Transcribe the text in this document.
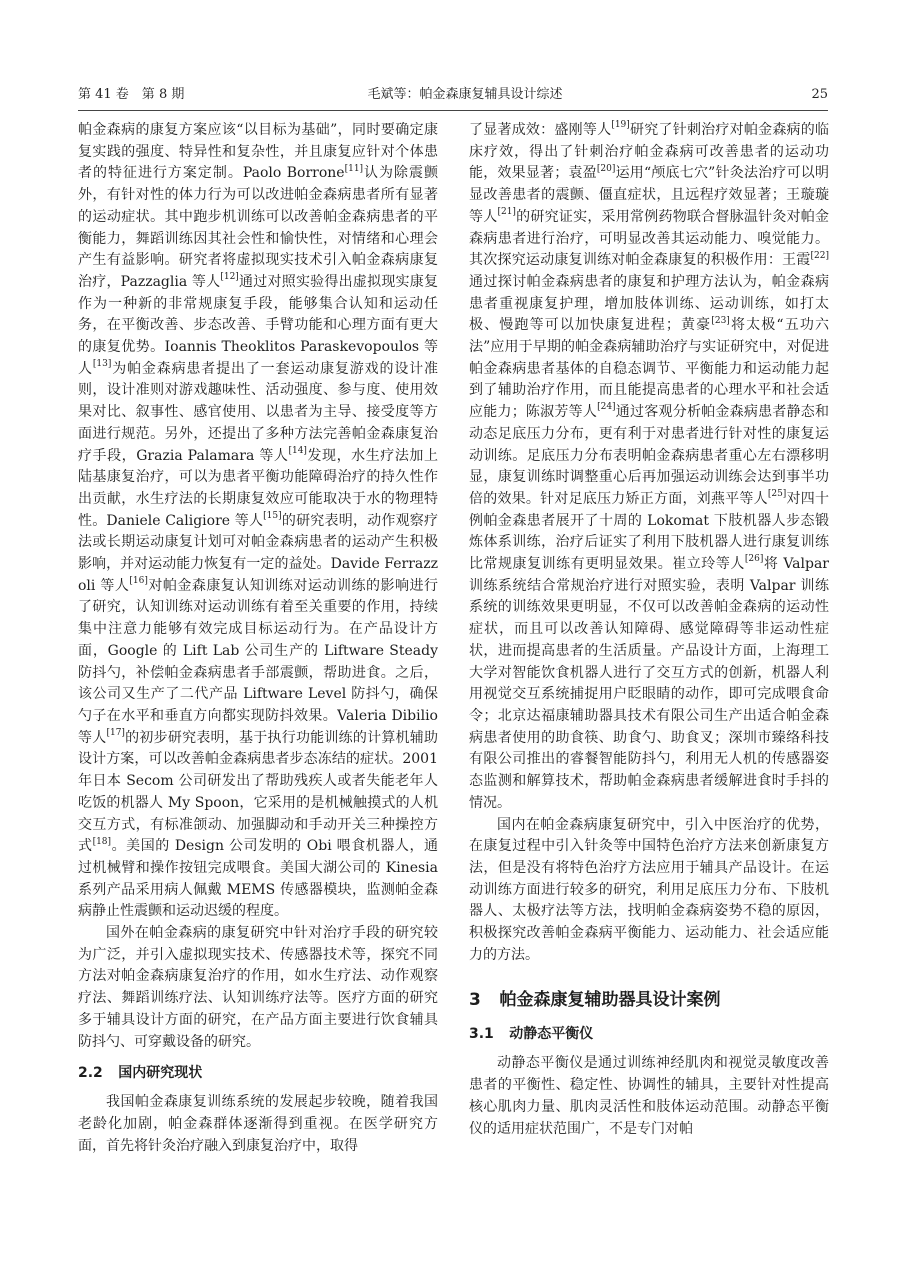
第 41 卷　第 8 期	毛斌等：帕金森康复辅具设计综述	25

帕金森病的康复方案应该“以目标为基础”，同时要确定康复实践的强度、特异性和复杂性，并且康复应针对个体患者的特征进行方案定制。Paolo Borrone[11]认为除震颤外，有针对性的体力行为可以改进帕金森病患者所有显著的运动症状。其中跑步机训练可以改善帕金森病患者的平衡能力，舞蹈训练因其社会性和愉快性，对情绪和心理会产生有益影响。研究者将虚拟现实技术引入帕金森病康复治疗，Pazzaglia 等人[12]通过对照实验得出虚拟现实康复作为一种新的非常规康复手段，能够集合认知和运动任务，在平衡改善、步态改善、手臂功能和心理方面有更大的康复优势。Ioannis Theoklitos Paraskevopoulos 等人[13]为帕金森病患者提出了一套运动康复游戏的设计准则，设计准则对游戏趣味性、活动强度、参与度、使用效果对比、叙事性、感官使用、以患者为主导、接受度等方面进行规范。另外，还提出了多种方法完善帕金森康复治疗手段，Grazia Palamara 等人[14]发现，水生疗法加上陆基康复治疗，可以为患者平衡功能障碍治疗的持久性作出贡献，水生疗法的长期康复效应可能取决于水的物理特性。Daniele Caligiore 等人[15]的研究表明，动作观察疗法或长期运动康复计划可对帕金森病患者的运动产生积极影响，并对运动能力恢复有一定的益处。Davide Ferrazzoli 等人[16]对帕金森康复认知训练对运动训练的影响进行了研究，认知训练对运动训练有着至关重要的作用，持续集中注意力能够有效完成目标运动行为。在产品设计方面，Google 的 Lift Lab 公司生产的 Liftware Steady 防抖勺，补偿帕金森病患者手部震颤，帮助进食。之后，该公司又生产了二代产品 Liftware Level 防抖勺，确保勺子在水平和垂直方向都实现防抖效果。Valeria Dibilio 等人[17]的初步研究表明，基于执行功能训练的计算机辅助设计方案，可以改善帕金森病患者步态冻结的症状。2001 年日本 Secom 公司研发出了帮助残疾人或者失能老年人吃饭的机器人 My Spoon，它采用的是机械触摸式的人机交互方式，有标准颌动、加强脚动和手动开关三种操控方式[18]。美国的 Design 公司发明的 Obi 喂食机器人，通过机械臂和操作按钮完成喂食。美国大湖公司的 Kinesia 系列产品采用病人佩戴 MEMS 传感器模块，监测帕金森病静止性震颤和运动迟缓的程度。

国外在帕金森病的康复研究中针对治疗手段的研究较为广泛，并引入虚拟现实技术、传感器技术等，探究不同方法对帕金森病康复治疗的作用，如水生疗法、动作观察疗法、舞蹈训练疗法、认知训练疗法等。医疗方面的研究多于辅具设计方面的研究，在产品方面主要进行饮食辅具防抖勺、可穿戴设备的研究。

2.2 国内研究现状

我国帕金森康复训练系统的发展起步较晚，随着我国老龄化加剧，帕金森群体逐渐得到重视。在医学研究方面，首先将针灸治疗融入到康复治疗中，取得

了显著成效：盛刚等人[19]研究了针刺治疗对帕金森病的临床疗效，得出了针刺治疗帕金森病可改善患者的运动功能，效果显著；袁盈[20]运用“颅底七穴”针灸法治疗可以明显改善患者的震颤、僵直症状，且远程疗效显著；王璇璇等人[21]的研究证实，采用常例药物联合督脉温针灸对帕金森病患者进行治疗，可明显改善其运动能力、嗅觉能力。其次探究运动康复训练对帕金森康复的积极作用：王霞[22]通过探讨帕金森病患者的康复和护理方法认为，帕金森病患者重视康复护理，增加肢体训练、运动训练，如打太极、慢跑等可以加快康复进程；黄豪[23]将太极“五功六法”应用于早期的帕金森病辅助治疗与实证研究中，对促进帕金森病患者基体的自稳态调节、平衡能力和运动能力起到了辅助治疗作用，而且能提高患者的心理水平和社会适应能力；陈淑芳等人[24]通过客观分析帕金森病患者静态和动态足底压力分布，更有利于对患者进行针对性的康复运动训练。足底压力分布表明帕金森病患者重心左右漂移明显，康复训练时调整重心后再加强运动训练会达到事半功倍的效果。针对足底压力矫正方面，刘燕平等人[25]对四十例帕金森患者展开了十周的 Lokomat 下肢机器人步态锻炼体系训练，治疗后证实了利用下肢机器人进行康复训练比常规康复训练有更明显效果。崔立玲等人[26]将 Valpar 训练系统结合常规治疗进行对照实验，表明 Valpar 训练系统的训练效果更明显，不仅可以改善帕金森病的运动性症状，而且可以改善认知障碍、感觉障碍等非运动性症状，进而提高患者的生活质量。产品设计方面，上海理工大学对智能饮食机器人进行了交互方式的创新，机器人利用视觉交互系统捕捉用户眨眼睛的动作，即可完成喂食命令；北京达福康辅助器具技术有限公司生产出适合帕金森病患者使用的助食筷、助食勺、助食叉；深圳市臻络科技有限公司推出的睿餐智能防抖勺，利用无人机的传感器姿态监测和解算技术，帮助帕金森病患者缓解进食时手抖的情况。

国内在帕金森病康复研究中，引入中医治疗的优势，在康复过程中引入针灸等中国特色治疗方法来创新康复方法，但是没有将特色治疗方法应用于辅具产品设计。在运动训练方面进行较多的研究，利用足底压力分布、下肢机器人、太极疗法等方法，找明帕金森病姿势不稳的原因，积极探究改善帕金森病平衡能力、运动能力、社会适应能力的方法。

3 帕金森康复辅助器具设计案例
3.1 动静态平衡仪

动静态平衡仪是通过训练神经肌肉和视觉灵敏度改善患者的平衡性、稳定性、协调性的辅具，主要针对性提高核心肌肉力量、肌肉灵活性和肢体运动范围。动静态平衡仪的适用症状范围广，不是专门对帕
